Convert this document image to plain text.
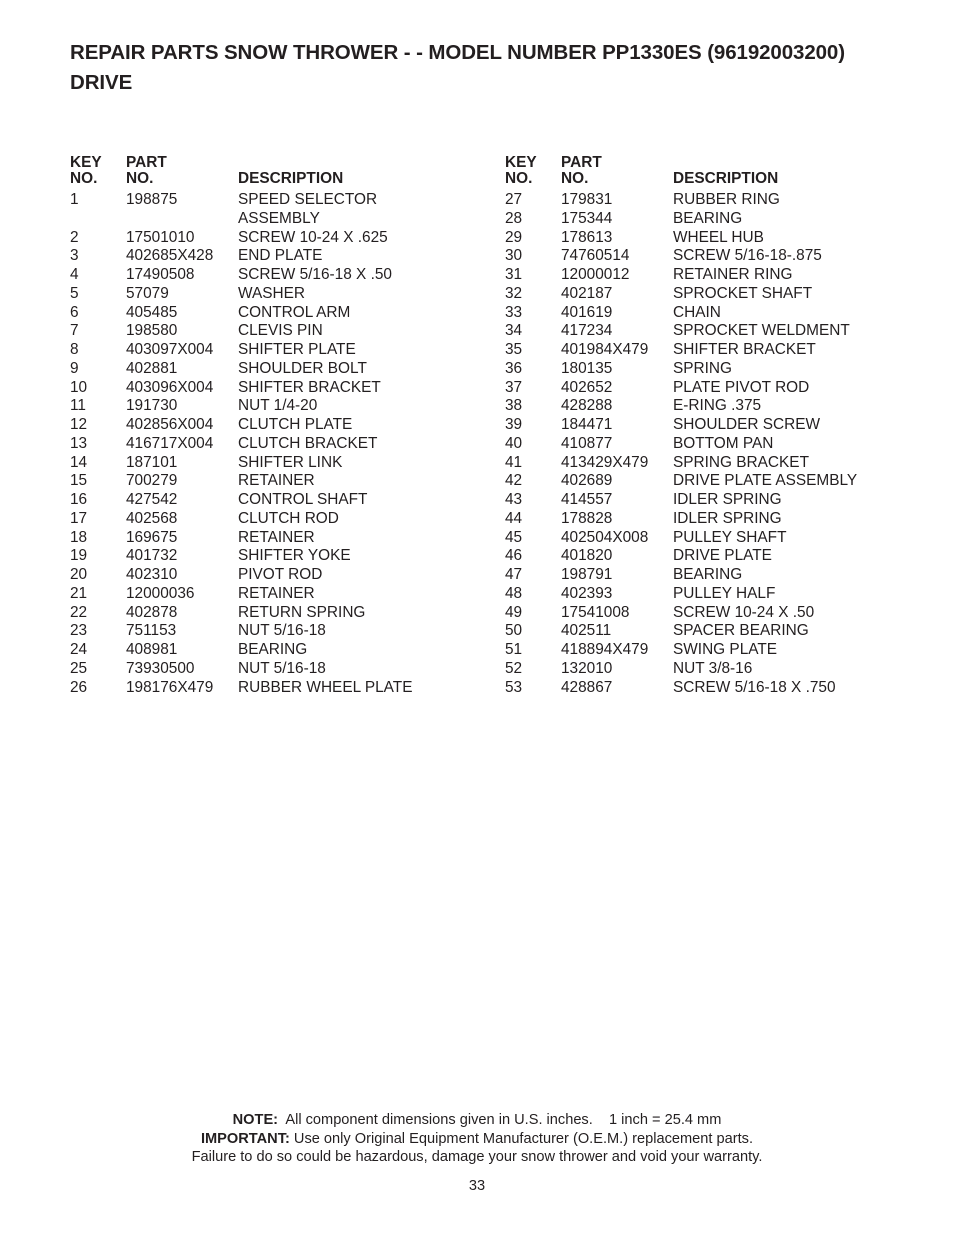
REPAIR PARTS SNOW THROWER - - MODEL NUMBER PP1330ES (96192003200)
DRIVE
KEY
NO.
PART
NO.	DESCRIPTION
1	198875	SPEED SELECTOR
ASSEMBLY
2	17501010	SCREW 10-24 X .625
3	402685X428 END PLATE
4	17490508	SCREW 5/16-18 X .50
5	57079	WASHER
6	405485	CONTROL ARM
7	198580	CLEVIS PIN
8	403097X004 SHIFTER PLATE
9	402881	SHOULDER BOLT
10	403096X004 SHIFTER BRACKET
11	191730	NUT 1/4-20
12	402856X004 CLUTCH PLATE
13	416717X004 CLUTCH BRACKET
14	187101	SHIFTER LINK
15	700279	RETAINER
16	427542	CONTROL SHAFT
17	402568	CLUTCH ROD
18	169675	RETAINER
19	401732	SHIFTER YOKE
20	402310	PIVOT ROD
21	12000036	RETAINER
22	402878	RETURN SPRING
23	751153	NUT 5/16-18
24	408981	BEARING
25	73930500	NUT 5/16-18
26	198176X479 RUBBER WHEEL PLATE
KEY
NO.
PART
NO.	DESCRIPTION
27	179831	RUBBER RING
28	175344	BEARING
29	178613	WHEEL HUB
30	74760514	SCREW 5/16-18-.875
31	12000012	RETAINER RING
32	402187	SPROCKET SHAFT
33	401619	CHAIN
34	417234	SPROCKET WELDMENT
35	401984X479 SHIFTER BRACKET
36	180135	SPRING
37	402652	PLATE PIVOT ROD
38	428288	E-RING .375
39	184471	SHOULDER SCREW
40	410877	BOTTOM PAN
41	413429X479 SPRING BRACKET
42	402689	DRIVE PLATE ASSEMBLY
43	414557	IDLER SPRING
44	178828	IDLER SPRING
45	402504X008 PULLEY SHAFT
46	401820	DRIVE PLATE
47	198791	BEARING
48	402393	PULLEY HALF
49	17541008	SCREW 10-24 X .50
50	402511	SPACER BEARING
51	418894X479 SWING PLATE
52	132010	NUT 3/8-16
53	428867	SCREW 5/16-18 X .750
NOTE:  All component dimensions given in U.S. inches.    1 inch = 25.4 mm
IMPORTANT: Use only Original Equipment Manufacturer (O.E.M.) replacement parts.
Failure to do so could be hazardous, damage your snow thrower and void your warranty.
33
